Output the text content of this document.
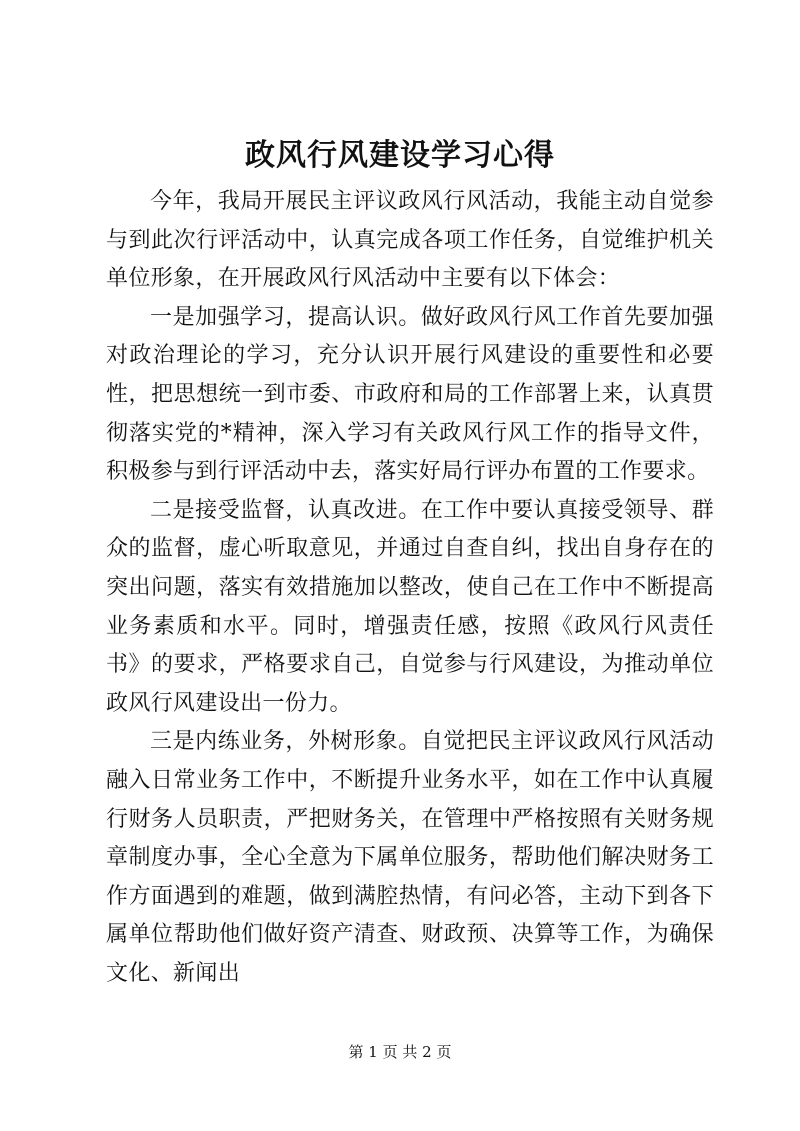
政风行风建设学习心得

今年，我局开展民主评议政风行风活动，我能主动自觉参与到此次行评活动中，认真完成各项工作任务，自觉维护机关单位形象，在开展政风行风活动中主要有以下体会：

一是加强学习，提高认识。做好政风行风工作首先要加强对政治理论的学习，充分认识开展行风建设的重要性和必要性，把思想统一到市委、市政府和局的工作部署上来，认真贯彻落实党的*精神，深入学习有关政风行风工作的指导文件，积极参与到行评活动中去，落实好局行评办布置的工作要求。

二是接受监督，认真改进。在工作中要认真接受领导、群众的监督，虚心听取意见，并通过自查自纠，找出自身存在的突出问题，落实有效措施加以整改，使自己在工作中不断提高业务素质和水平。同时，增强责任感，按照《政风行风责任书》的要求，严格要求自己，自觉参与行风建设，为推动单位政风行风建设出一份力。

三是内练业务，外树形象。自觉把民主评议政风行风活动融入日常业务工作中，不断提升业务水平，如在工作中认真履行财务人员职责，严把财务关，在管理中严格按照有关财务规章制度办事，全心全意为下属单位服务，帮助他们解决财务工作方面遇到的难题，做到满腔热情，有问必答，主动下到各下属单位帮助他们做好资产清查、财政预、决算等工作，为确保文化、新闻出

第 1 页 共 2 页
